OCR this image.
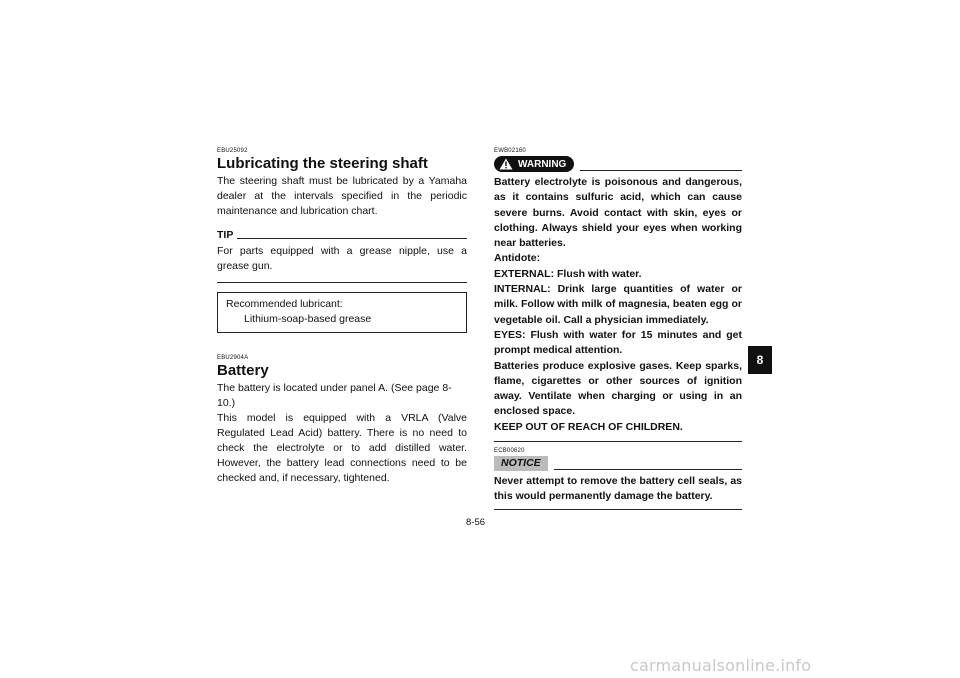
EBU25092
Lubricating the steering shaft
The steering shaft must be lubricated by a Yamaha dealer at the intervals specified in the periodic maintenance and lubrication chart.
TIP
For parts equipped with a grease nipple, use a grease gun.
Recommended lubricant:
Lithium-soap-based grease
EBU2904A
Battery
The battery is located under panel A. (See page 8-10.)
This model is equipped with a VRLA (Valve Regulated Lead Acid) battery. There is no need to check the electrolyte or to add distilled water. However, the battery lead connections need to be checked and, if necessary, tightened.
EWB02160
WARNING
Battery electrolyte is poisonous and dangerous, as it contains sulfuric acid, which can cause severe burns. Avoid contact with skin, eyes or clothing. Always shield your eyes when working near batteries.
Antidote:
EXTERNAL: Flush with water.
INTERNAL: Drink large quantities of water or milk. Follow with milk of magnesia, beaten egg or vegetable oil. Call a physician immediately.
EYES: Flush with water for 15 minutes and get prompt medical attention.
Batteries produce explosive gases. Keep sparks, flame, cigarettes or other sources of ignition away. Ventilate when charging or using in an enclosed space.
KEEP OUT OF REACH OF CHILDREN.
ECB00620
NOTICE
Never attempt to remove the battery cell seals, as this would permanently damage the battery.
8-56
8
carmanualsonline.info
